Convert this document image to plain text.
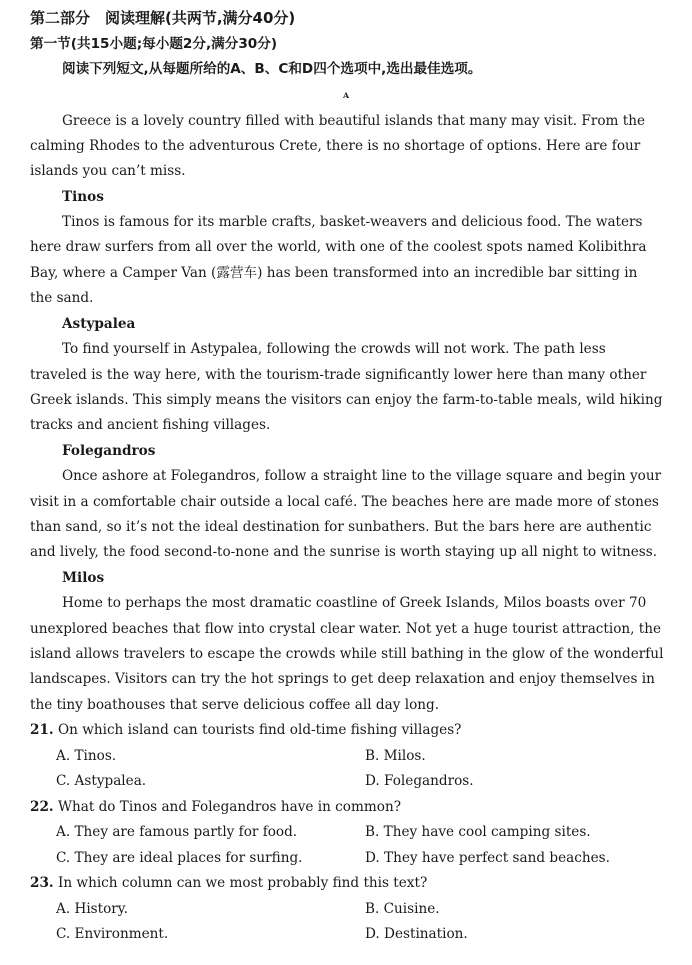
第二部分　阅读理解(共两节,满分40分)
第一节(共15小题;每小题2分,满分30分)
阅读下列短文,从每题所给的A、B、C和D四个选项中,选出最佳选项。
A
Greece is a lovely country filled with beautiful islands that many may visit. From the
calming Rhodes to the adventurous Crete, there is no shortage of options. Here are four
islands you can’t miss.
Tinos
Tinos is famous for its marble crafts, basket-weavers and delicious food. The waters
here draw surfers from all over the world, with one of the coolest spots named Kolibithra
Bay, where a Camper Van (露营车) has been transformed into an incredible bar sitting in
the sand.
Astypalea
To find yourself in Astypalea, following the crowds will not work. The path less
traveled is the way here, with the tourism-trade significantly lower here than many other
Greek islands. This simply means the visitors can enjoy the farm-to-table meals, wild hiking
tracks and ancient fishing villages.
Folegandros
Once ashore at Folegandros, follow a straight line to the village square and begin your
visit in a comfortable chair outside a local café. The beaches here are made more of stones
than sand, so it’s not the ideal destination for sunbathers. But the bars here are authentic
and lively, the food second-to-none and the sunrise is worth staying up all night to witness.
Milos
Home to perhaps the most dramatic coastline of Greek Islands, Milos boasts over 70
unexplored beaches that flow into crystal clear water. Not yet a huge tourist attraction, the
island allows travelers to escape the crowds while still bathing in the glow of the wonderful
landscapes. Visitors can try the hot springs to get deep relaxation and enjoy themselves in
the tiny boathouses that serve delicious coffee all day long.
21. On which island can tourists find old-time fishing villages?
A. Tinos.	B. Milos.
C. Astypalea.	D. Folegandros.
22. What do Tinos and Folegandros have in common?
A. They are famous partly for food.	B. They have cool camping sites.
C. They are ideal places for surfing.	D. They have perfect sand beaches.
23. In which column can we most probably find this text?
A. History.	B. Cuisine.
C. Environment.	D. Destination.
